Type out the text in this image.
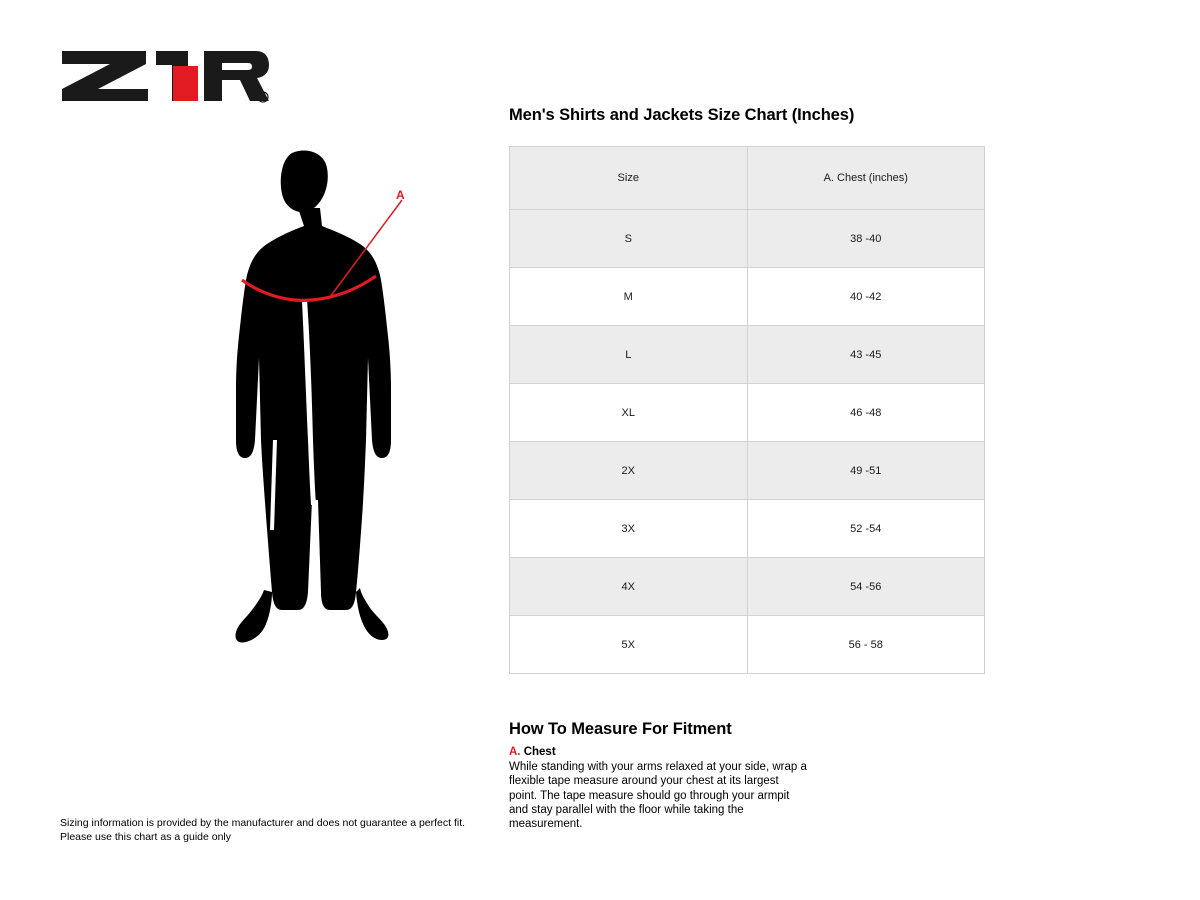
R
A
Men's Shirts and Jackets Size Chart (Inches)
Size	A. Chest (inches)
S	38 -40
M	40 -42
L	43 -45
XL	46 -48
2X	49 -51
3X	52 -54
4X	54 -56
5X	56 - 58
How To Measure For Fitment
A. Chest

While standing with your arms relaxed at your side, wrap a flexible tape measure around your chest at its largest point. The tape measure should go through your armpit and stay parallel with the floor while taking the measurement.

Sizing information is provided by the manufacturer and does not guarantee a perfect fit.
Please use this chart as a guide only
